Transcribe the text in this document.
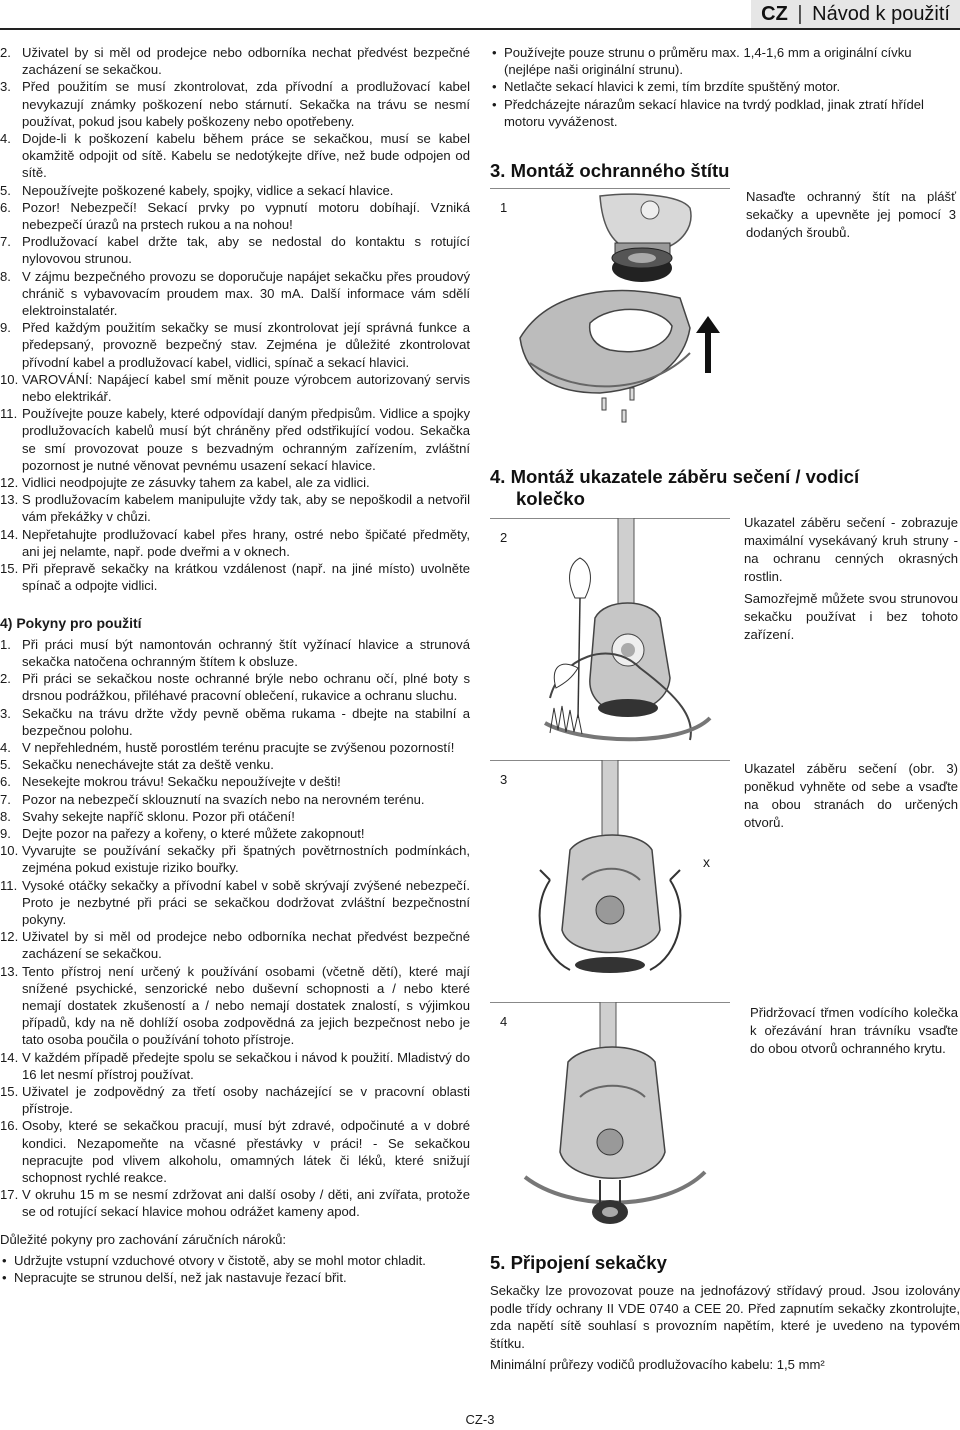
CZ | Návod k použití
2. Uživatel by si měl od prodejce nebo odborníka nechat předvést bezpečné zacházení se sekačkou.
3. Před použitím se musí zkontrolovat, zda přívodní a prodlužovací kabel nevykazují známky poškození nebo stárnutí. Sekačka na trávu se nesmí používat, pokud jsou kabely poškozeny nebo opotřebeny.
4. Dojde-li k poškození kabelu během práce se sekačkou, musí se kabel okamžitě odpojit od sítě. Kabelu se nedotýkejte dříve, než bude odpojen od sítě.
5. Nepoužívejte poškozené kabely, spojky, vidlice a sekací hlavice.
6. Pozor! Nebezpečí! Sekací prvky po vypnutí motoru dobíhají. Vzniká nebezpečí úrazů na prstech rukou a na nohou!
7. Prodlužovací kabel držte tak, aby se nedostal do kontaktu s rotující nylovovou strunou.
8. V zájmu bezpečného provozu se doporučuje napájet sekačku přes proudový chránič s vybavovacím proudem max. 30 mA. Další informace vám sdělí elektroinstalatér.
9. Před každým použitím sekačky se musí zkontrolovat její správná funkce a předepsaný, provozně bezpečný stav. Zejména je důležité zkontrolovat přívodní kabel a prodlužovací kabel, vidlici, spínač a sekací hlavici.
10. VAROVÁNÍ: Napájecí kabel smí měnit pouze výrobcem autorizovaný servis nebo elektrikář.
11. Používejte pouze kabely, které odpovídají daným předpisům. Vidlice a spojky prodlužovacích kabelů musí být chráněny před odstřikující vodou. Sekačka se smí provozovat pouze s bezvadným ochranným zařízením, zvláštní pozornost je nutné věnovat pevnému usazení sekací hlavice.
12. Vidlici neodpojujte ze zásuvky tahem za kabel, ale za vidlici.
13. S prodlužovacím kabelem manipulujte vždy tak, aby se nepoškodil a netvořil vám překážky v chůzi.
14. Nepřetahujte prodlužovací kabel přes hrany, ostré nebo špičaté předměty, ani jej nelamte, např. pode dveřmi a v oknech.
15. Při přepravě sekačky na krátkou vzdálenost (např. na jiné místo) uvolněte spínač a odpojte vidlici.
4) Pokyny pro použití
1. Při práci musí být namontován ochranný štít vyžínací hlavice a strunová sekačka natočena ochranným štítem k obsluze.
2. Při práci se sekačkou noste ochranné brýle nebo ochranu očí, plné boty s drsnou podrážkou, přiléhavé pracovní oblečení, rukavice a ochranu sluchu.
3. Sekačku na trávu držte vždy pevně oběma rukama - dbejte na stabilní a bezpečnou polohu.
4. V nepřehledném, hustě porostlém terénu pracujte se zvýšenou pozorností!
5. Sekačku nenechávejte stát za deště venku.
6. Nesekejte mokrou trávu! Sekačku nepoužívejte v dešti!
7. Pozor na nebezpečí sklouznutí na svazích nebo na nerovném terénu.
8. Svahy sekejte napříč sklonu. Pozor při otáčení!
9. Dejte pozor na pařezy a kořeny, o které můžete zakopnout!
10. Vyvarujte se používání sekačky při špatných povětrnostních podmínkách, zejména pokud existuje riziko bouřky.
11. Vysoké otáčky sekačky a přívodní kabel v sobě skrývají zvýšené nebezpečí. Proto je nezbytné při práci se sekačkou dodržovat zvláštní bezpečnostní pokyny.
12. Uživatel by si měl od prodejce nebo odborníka nechat předvést bezpečné zacházení se sekačkou.
13. Tento přístroj není určený k používání osobami (včetně dětí), které mají snížené psychické, senzorické nebo duševní schopnosti a / nebo které nemají dostatek zkušeností a / nebo nemají dostatek znalostí, s výjimkou případů, kdy na ně dohlíží osoba zodpovědná za jejich bezpečnost nebo je tato osoba poučila o používání tohoto přístroje.
14. V každém případě předejte spolu se sekačkou i návod k použití. Mladistvý do 16 let nesmí přístroj používat.
15. Uživatel je zodpovědný za třetí osoby nacházející se v pracovní oblasti přístroje.
16. Osoby, které se sekačkou pracují, musí být zdravé, odpočinuté a v dobré kondici. Nezapomeňte na včasné přestávky v práci! - Se sekačkou nepracujte pod vlivem alkoholu, omamných látek či léků, které snižují schopnost rychlé reakce.
17. V okruhu 15 m se nesmí zdržovat ani další osoby / děti, ani zvířata, protože se od rotující sekací hlavice mohou odrážet kameny apod.
Důležité pokyny pro zachování záručních nároků:
• Udržujte vstupní vzduchové otvory v čistotě, aby se mohl motor chladit.
• Nepracujte se strunou delší, než jak nastavuje řezací břit.
• Používejte pouze strunu o průměru max. 1,4-1,6 mm a originální cívku (nejlépe naši originální strunu).
• Netlačte sekací hlavici k zemi, tím brzdíte spuštěný motor.
• Předcházejte nárazům sekací hlavice na tvrdý podklad, jinak ztratí hřídel motoru vyváženost.
3. Montáž ochranného štítu
1
Nasaďte ochranný štít na plášť sekačky a upevněte jej pomocí 3 dodaných šroubů.
4. Montáž ukazatele záběru sečení / vodicí
kolečko
2
Ukazatel záběru sečení - zobrazuje maximální vysekávaný kruh struny - na ochranu cenných okrasných rostlin.
Samozřejmě můžete svou strunovou sekačku používat i bez tohoto zařízení.
3
x
Ukazatel záběru sečení (obr. 3) poněkud vyhněte od sebe a vsaďte na obou stranách do určených otvorů.
4
Přidržovací třmen vodícího kolečka k ořezávání hran trávníku vsaďte do obou otvorů ochranného krytu.
5. Připojení sekačky
Sekačky lze provozovat pouze na jednofázový střídavý proud. Jsou izolovány podle třídy ochrany II VDE 0740 a CEE 20. Před zapnutím sekačky zkontrolujte, zda napětí sítě souhlasí s provozním napětím, které je uvedeno na typovém štítku.
Minimální průřezy vodičů prodlužovacího kabelu: 1,5 mm²
CZ-3
